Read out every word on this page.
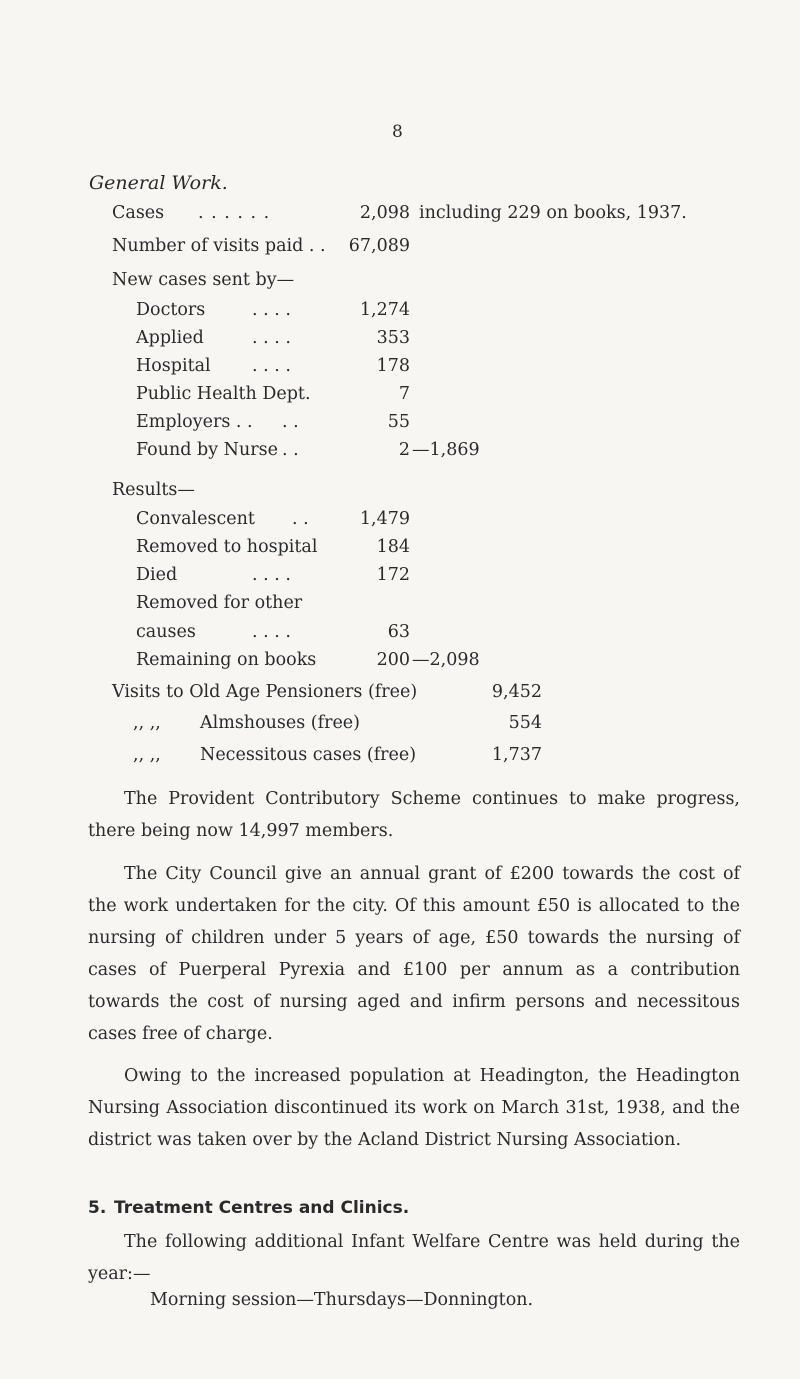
8
General Work.
Cases . . . . . .	2,098 including 229 on books, 1937.
Number of visits paid . .	67,089
New cases sent by—
Doctors	. . . .	1,274
Applied	. . . .	353
Hospital . . . .	178
Public Health Dept.	7
Employers . . . .	55
Found by Nurse . .	2 —1,869
Results—
Convalescent . .	1,479
Removed to hospital	184
Died	. . . .	172
Removed for other
causes	. . . .	63
Remaining on books	200 —2,098
Visits to Old Age Pensioners (free)	9,452
,, ,, Almshouses (free)	554
,, ,, Necessitous cases (free)	1,737

The Provident Contributory Scheme continues to make progress, there being now 14,997 members.

The City Council give an annual grant of £200 towards the cost of the work undertaken for the city. Of this amount £50 is allocated to the nursing of children under 5 years of age, £50 towards the nursing of cases of Puerperal Pyrexia and £100 per annum as a contribution towards the cost of nursing aged and infirm persons and necessitous cases free of charge.

Owing to the increased population at Headington, the Headington Nursing Association discontinued its work on March 31st, 1938, and the district was taken over by the Acland District Nursing Association.

5. Treatment Centres and Clinics.

The following additional Infant Welfare Centre was held during the year:—

Morning session—Thursdays—Donnington.
